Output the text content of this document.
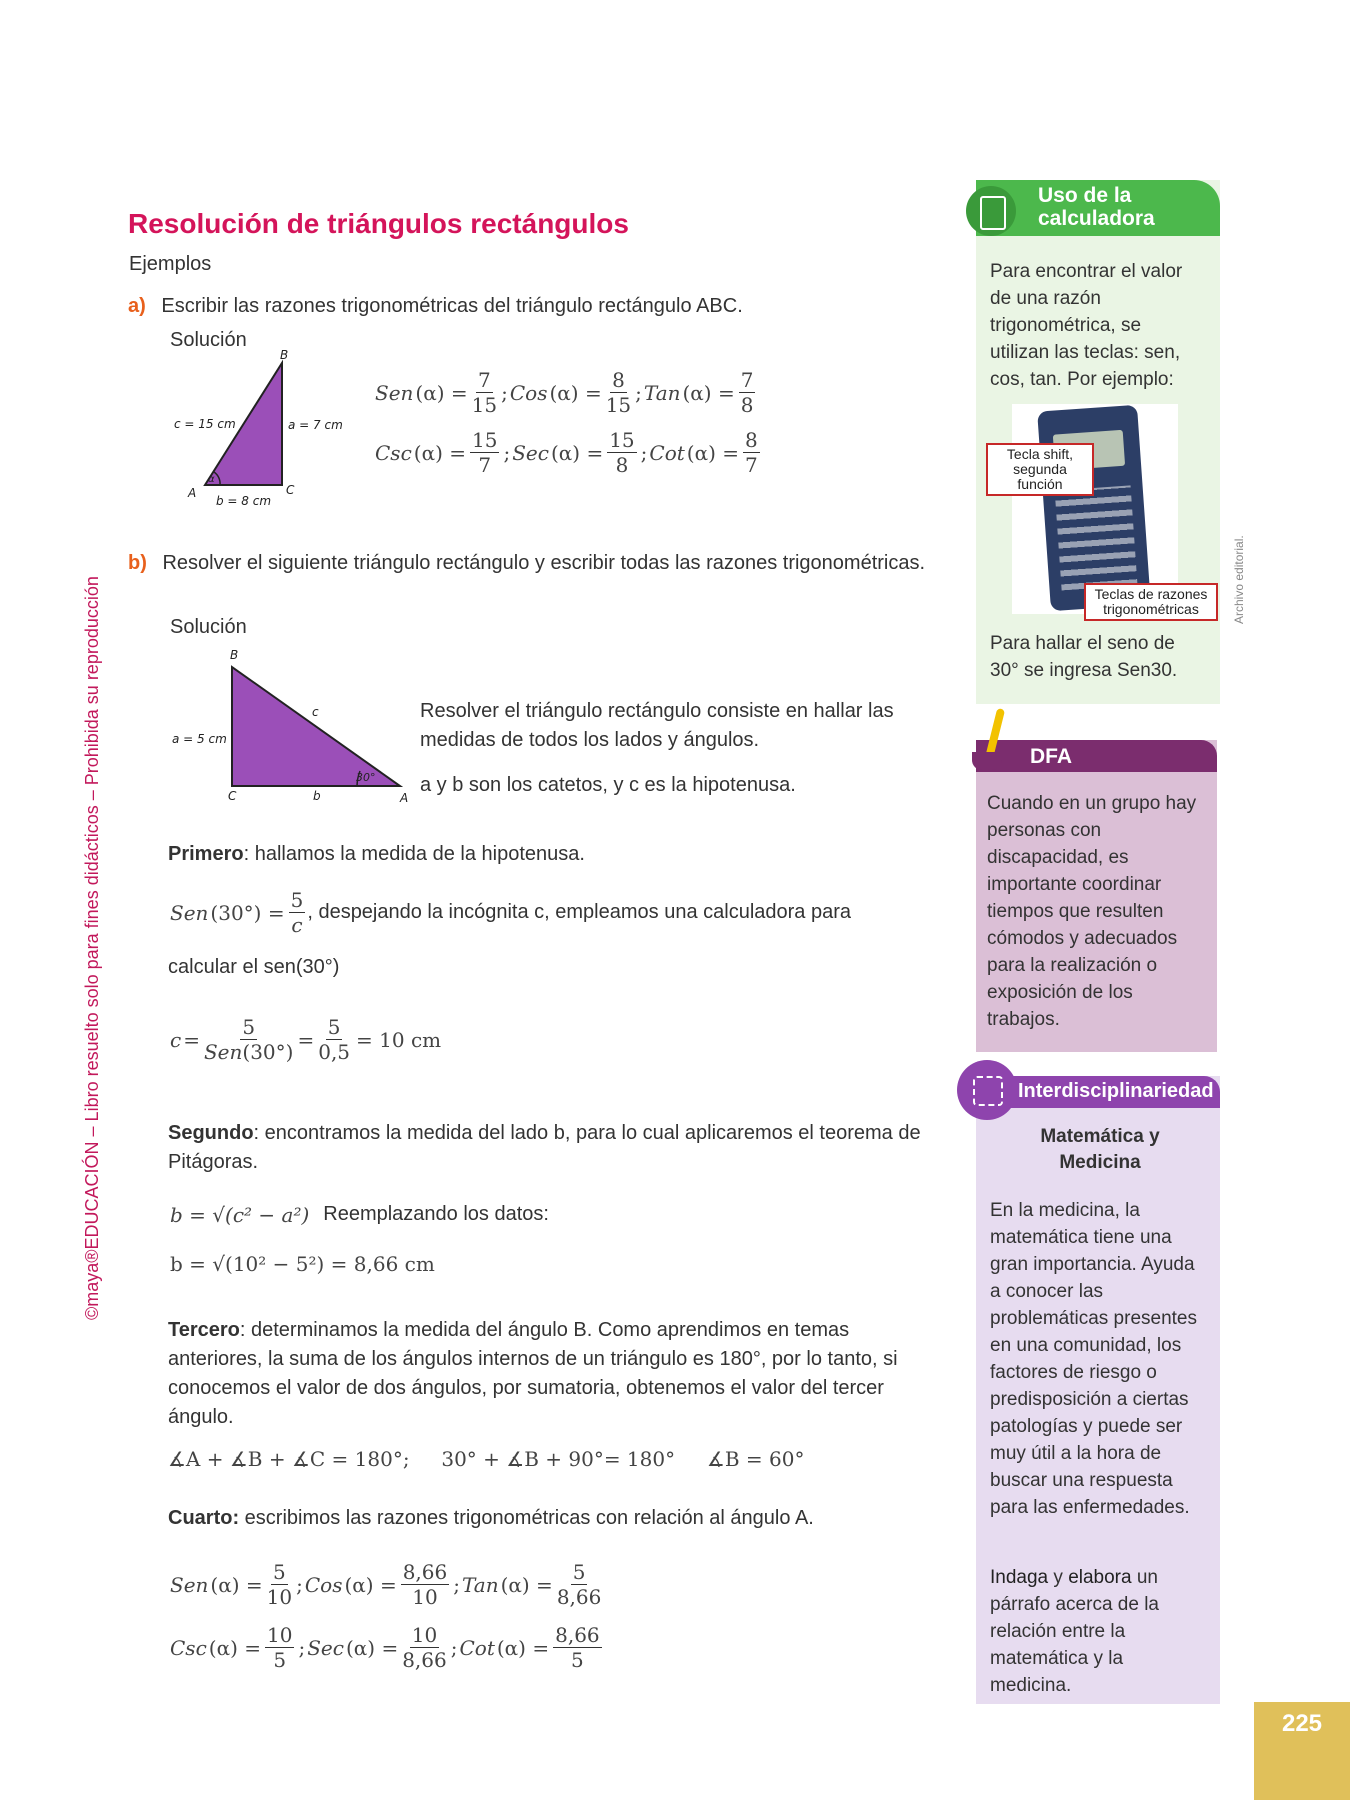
Resolución de triángulos rectángulos
Ejemplos
a) Escribir las razones trigonométricas del triángulo rectángulo ABC.
Solución
B
A	C
α
c = 15 cm	a = 7 cm
b = 8 cm
Sen $(\alpha) = \frac{7}{15}$ ; Cos $(\alpha) = \frac{8}{15}$ ; Tan $(\alpha) = \frac{7}{8}$
Csc $(\alpha) = \frac{15}{7}$ ; Sec $(\alpha) = \frac{15}{8}$ ; Cot $(\alpha) = \frac{8}{7}$
b) Resolver el siguiente triángulo rectángulo y escribir todas las razones trigonométricas.
Solución
B
C	A
c
a = 5 cm
b
30°
Resolver el triángulo rectángulo consiste en hallar las medidas de todos los lados y ángulos.
a y b son los catetos, y c es la hipotenusa.
Primero: hallamos la medida de la hipotenusa.
Sen $(30^\circ) = \frac{5}{c}$ , despejando la incógnita c, empleamos una calculadora para
calcular el sen(30°)
$c = \frac{5}{\text{Sen(30°)}} = \frac{5}{0,5} = 10$ cm
Segundo: encontramos la medida del lado b, para lo cual aplicaremos el teorema de Pitágoras.
b = √(c² − a²) Reemplazando los datos:
b = √(10² − 5²) = 8,66 cm
Tercero: determinamos la medida del ángulo B. Como aprendimos en temas anteriores, la suma de los ángulos internos de un triángulo es 180°, por lo tanto, si conocemos el valor de dos ángulos, por sumatoria, obtenemos el valor del tercer ángulo.
∡A + ∡B + ∡C = 180°;     30° + ∡B + 90°= 180°     ∡B = 60°
Cuarto: escribimos las razones trigonométricas con relación al ángulo A.
Sen $(\alpha) = \frac{5}{10}$ ; Cos $(\alpha) = \frac{8,66}{10}$ ; Tan $(\alpha) = \frac{5}{8,66}$
Csc $(\alpha) = \frac{10}{5}$ ; Sec $(\alpha) = \frac{10}{8,66}$ ; Cot $(\alpha) = \frac{8,66}{5}$
©maya®EDUCACIÓN – Libro resuelto solo para fines didácticos – Prohibida su reproducción
Uso de la
calculadora
Para encontrar el valor de una razón trigonométrica, se utilizan las teclas: sen, cos, tan. Por ejemplo:
Tecla shift, segunda función
Teclas de razones trigonométricas
Para hallar el seno de 30° se ingresa Sen30.
Archivo editorial.
DFA
Cuando en un grupo hay personas con discapacidad, es importante coordinar tiempos que resulten cómodos y adecuados para la realización o exposición de los trabajos.
Interdisciplinariedad
Matemática y Medicina
En la medicina, la matemática tiene una gran importancia. Ayuda a conocer las problemáticas presentes en una comunidad, los factores de riesgo o predisposición a ciertas patologías y puede ser muy útil a la hora de buscar una respuesta para las enfermedades.
Indaga y elabora un párrafo acerca de la relación entre la matemática y la medicina.
225
